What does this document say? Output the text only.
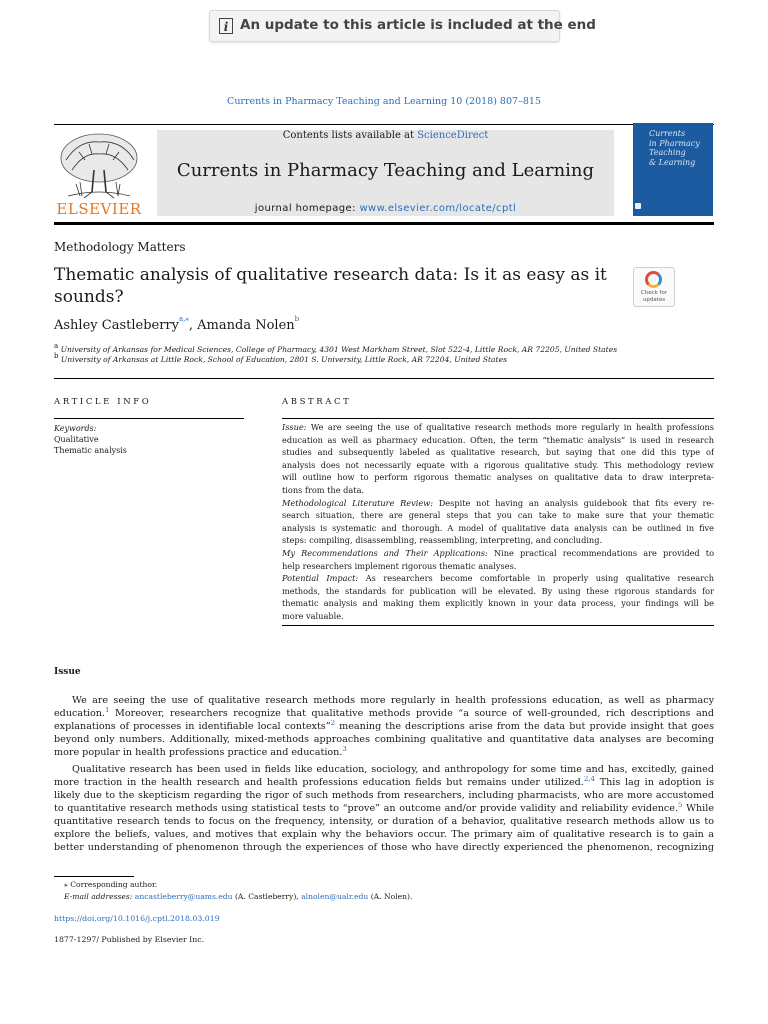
i An update to this article is included at the end
Currents in Pharmacy Teaching and Learning 10 (2018) 807–815
ELSEVIER
Contents lists available at ScienceDirect
Currents in Pharmacy Teaching and Learning
journal homepage: www.elsevier.com/locate/cptl
Currents
in Pharmacy
Teaching
& Learning
Methodology Matters
Thematic analysis of qualitative research data: Is it as easy as it
sounds?	Check for
updates
Ashley Castleberry$^{a,⁎}$, Amanda Nolen$^b$
$^a$ University of Arkansas for Medical Sciences, College of Pharmacy, 4301 West Markham Street, Slot 522-4, Little Rock, AR 72205, United States
$^b$ University of Arkansas at Little Rock, School of Education, 2801 S. University, Little Rock, AR 72204, United States
ARTICLE INFO
Keywords:
Qualitative
Thematic analysis
ABSTRACT
Issue: We are seeing the use of qualitative research methods more regularly in health professions
education as well as pharmacy education. Often, the term “thematic analysis” is used in research
studies and subsequently labeled as qualitative research, but saying that one did this type of
analysis does not necessarily equate with a rigorous qualitative study. This methodology review
will outline how to perform rigorous thematic analyses on qualitative data to draw interpreta-
tions from the data.
Methodological Literature Review: Despite not having an analysis guidebook that fits every re-
search situation, there are general steps that you can take to make sure that your thematic
analysis is systematic and thorough. A model of qualitative data analysis can be outlined in five
steps: compiling, disassembling, reassembling, interpreting, and concluding.
My Recommendations and Their Applications: Nine practical recommendations are provided to
help researchers implement rigorous thematic analyses.
Potential Impact: As researchers become comfortable in properly using qualitative research
methods, the standards for publication will be elevated. By using these rigorous standards for
thematic analysis and making them explicitly known in your data process, your findings will be
more valuable.
Issue
We are seeing the use of qualitative research methods more regularly in health professions education, as well as pharmacy
education.$^1$ Moreover, researchers recognize that qualitative methods provide “a source of well-grounded, rich descriptions and
explanations of processes in identifiable local contexts”$^2$ meaning the descriptions arise from the data but provide insight that goes
beyond only numbers. Additionally, mixed-methods approaches combining qualitative and quantitative data analyses are becoming
more popular in health professions practice and education.$^3$
Qualitative research has been used in fields like education, sociology, and anthropology for some time and has, excitedly, gained
more traction in the health research and health professions education fields but remains under utilized.$^{2,4}$ This lag in adoption is
likely due to the skepticism regarding the rigor of such methods from researchers, including pharmacists, who are more accustomed
to quantitative research methods using statistical tests to “prove” an outcome and/or provide validity and reliability evidence.$^5$ While
quantitative research tends to focus on the frequency, intensity, or duration of a behavior, qualitative research methods allow us to
explore the beliefs, values, and motives that explain why the behaviors occur. The primary aim of qualitative research is to gain a
better understanding of phenomenon through the experiences of those who have directly experienced the phenomenon, recognizing
⁎ Corresponding author.
E-mail addresses: ancastleberry@uams.edu (A. Castleberry), alnolen@ualr.edu (A. Nolen).
https://doi.org/10.1016/j.cptl.2018.03.019
1877-1297/ Published by Elsevier Inc.
